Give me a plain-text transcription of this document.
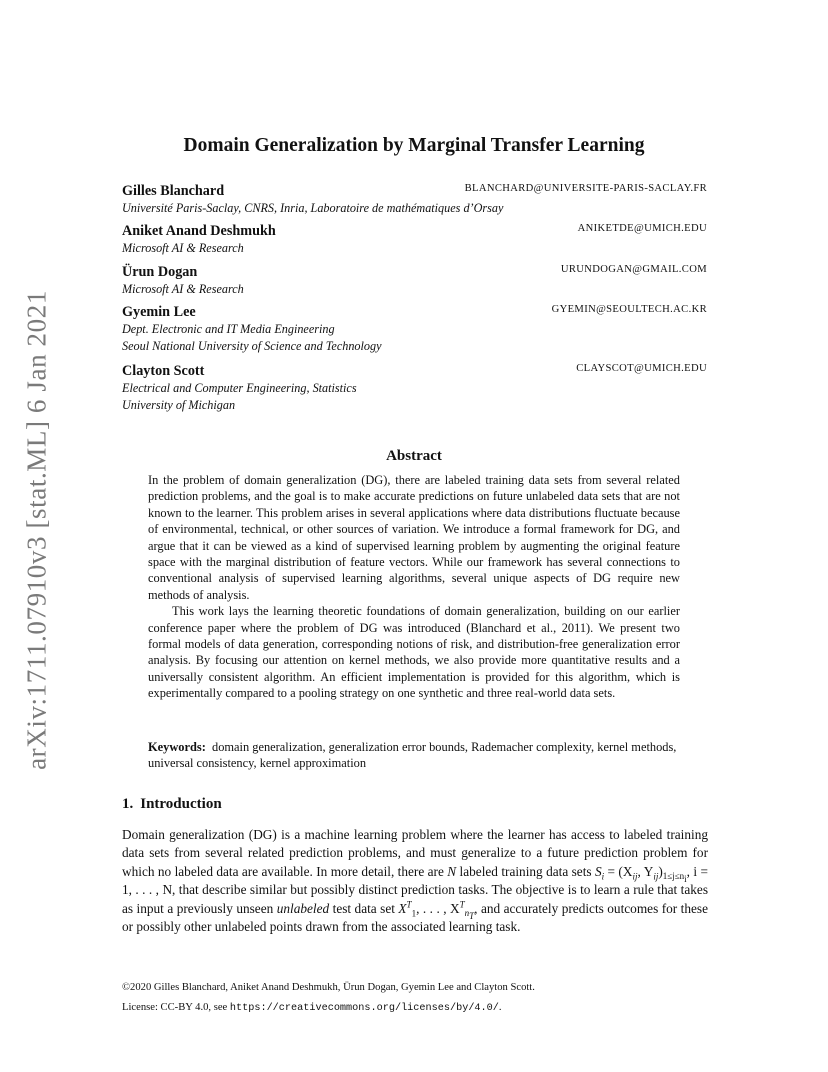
arXiv:1711.07910v3 [stat.ML] 6 Jan 2021
Domain Generalization by Marginal Transfer Learning
Gilles Blanchard	BLANCHARD@UNIVERSITE-PARIS-SACLAY.FR
Université Paris-Saclay, CNRS, Inria, Laboratoire de mathématiques d’Orsay
Aniket Anand Deshmukh	ANIKETDE@UMICH.EDU
Microsoft AI & Research
Ürun Dogan	URUNDOGAN@GMAIL.COM
Microsoft AI & Research
Gyemin Lee	GYEMIN@SEOULTECH.AC.KR
Dept. Electronic and IT Media Engineering
Seoul National University of Science and Technology
Clayton Scott	CLAYSCOT@UMICH.EDU
Electrical and Computer Engineering, Statistics
University of Michigan
Abstract

In the problem of domain generalization (DG), there are labeled training data sets from several related prediction problems, and the goal is to make accurate predictions on future unlabeled data sets that are not known to the learner. This problem arises in several applications where data distributions fluctuate because of environmental, technical, or other sources of variation. We introduce a formal framework for DG, and argue that it can be viewed as a kind of supervised learning problem by augmenting the original feature space with the marginal distribution of feature vectors. While our framework has several connections to conventional analysis of supervised learning algorithms, several unique aspects of DG require new methods of analysis.

This work lays the learning theoretic foundations of domain generalization, building on our earlier conference paper where the problem of DG was introduced (Blanchard et al., 2011). We present two formal models of data generation, corresponding notions of risk, and distribution-free generalization error analysis. By focusing our attention on kernel methods, we also provide more quantitative results and a universally consistent algorithm. An efficient implementation is provided for this algorithm, which is experimentally compared to a pooling strategy on one synthetic and three real-world data sets.

Keywords: domain generalization, generalization error bounds, Rademacher complexity, kernel methods, universal consistency, kernel approximation
1. Introduction

Domain generalization (DG) is a machine learning problem where the learner has access to labeled training data sets from several related prediction problems, and must generalize to a future prediction problem for which no labeled data are available. In more detail, there are N labeled training data sets $S_i = (X_{ij}$, $Y_{ij})_{1\le j\le n_i}$, i = 1, . . . , N, that describe similar but possibly distinct prediction tasks. The objective is to learn a rule that takes as input a previously unseen unlabeled test data set $X^T_1$, . . . , $X^T_{n_T}$, and accurately predicts outcomes for these or possibly other unlabeled points drawn from the associated learning task.

©2020 Gilles Blanchard, Aniket Anand Deshmukh, Ürun Dogan, Gyemin Lee and Clayton Scott.
License: CC-BY 4.0, see https://creativecommons.org/licenses/by/4.0/.
